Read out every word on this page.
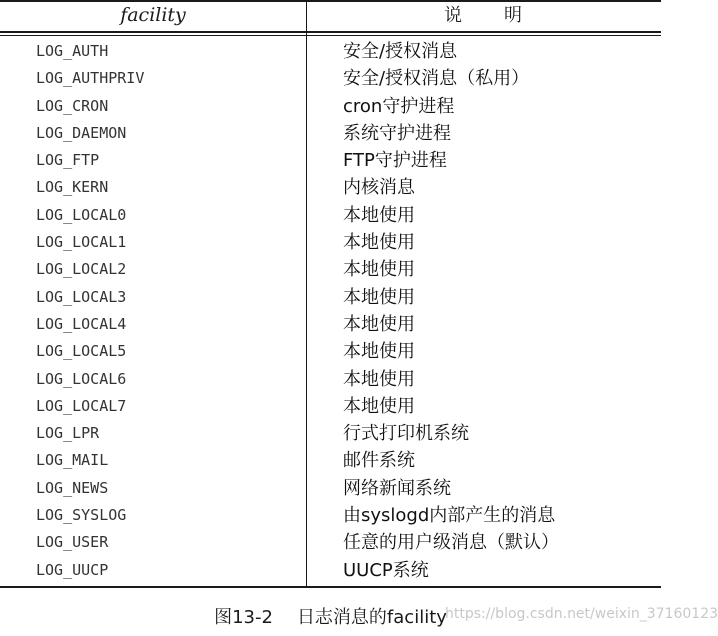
facility	说　　明
LOG_AUTH	安全/授权消息
LOG_AUTHPRIV	安全/授权消息（私用）
LOG_CRON	cron守护进程
LOG_DAEMON	系统守护进程
LOG_FTP	FTP守护进程
LOG_KERN	内核消息
LOG_LOCAL0	本地使用
LOG_LOCAL1	本地使用
LOG_LOCAL2	本地使用
LOG_LOCAL3	本地使用
LOG_LOCAL4	本地使用
LOG_LOCAL5	本地使用
LOG_LOCAL6	本地使用
LOG_LOCAL7	本地使用
LOG_LPR	行式打印机系统
LOG_MAIL	邮件系统
LOG_NEWS	网络新闻系统
LOG_SYSLOG	由syslogd内部产生的消息
LOG_USER	任意的用户级消息（默认）
LOG_UUCP	UUCP系统
图13-2 日志消息的facility
https://blog.csdn.net/weixin_37160123
